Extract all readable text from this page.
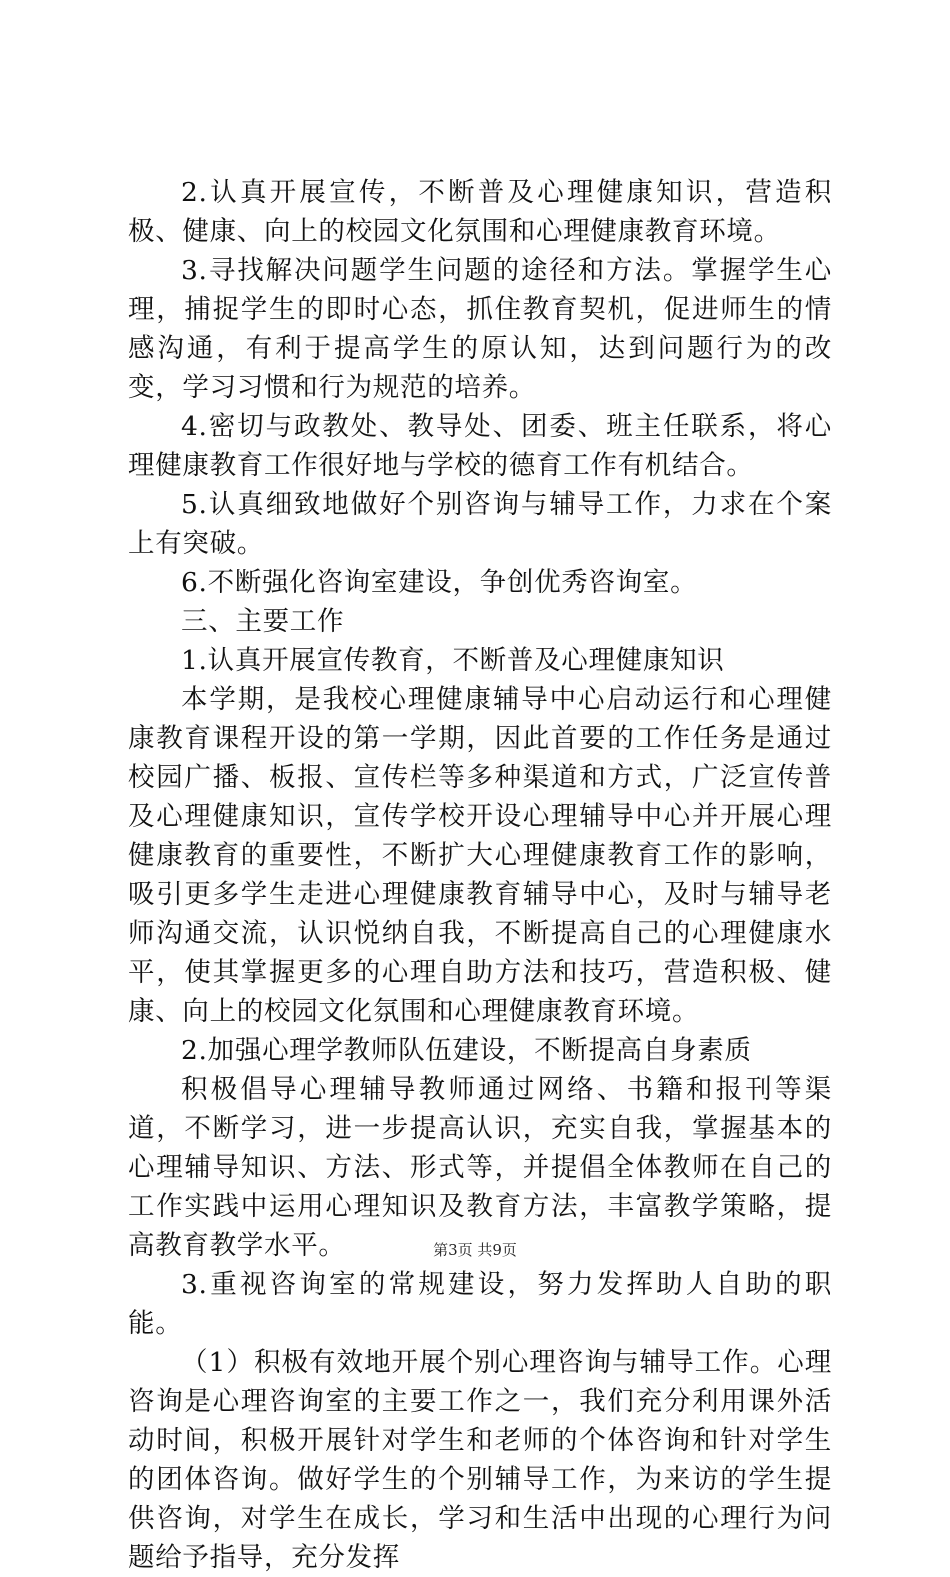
2.认真开展宣传，不断普及心理健康知识，营造积极、健康、向上的校园文化氛围和心理健康教育环境。

3.寻找解决问题学生问题的途径和方法。掌握学生心理，捕捉学生的即时心态，抓住教育契机，促进师生的情感沟通，有利于提高学生的原认知，达到问题行为的改变，学习习惯和行为规范的培养。

4.密切与政教处、教导处、团委、班主任联系，将心理健康教育工作很好地与学校的德育工作有机结合。

5.认真细致地做好个别咨询与辅导工作，力求在个案上有突破。

6.不断强化咨询室建设，争创优秀咨询室。

三、主要工作

1.认真开展宣传教育，不断普及心理健康知识

本学期，是我校心理健康辅导中心启动运行和心理健康教育课程开设的第一学期，因此首要的工作任务是通过校园广播、板报、宣传栏等多种渠道和方式，广泛宣传普及心理健康知识，宣传学校开设心理辅导中心并开展心理健康教育的重要性，不断扩大心理健康教育工作的影响，吸引更多学生走进心理健康教育辅导中心，及时与辅导老师沟通交流，认识悦纳自我，不断提高自己的心理健康水平，使其掌握更多的心理自助方法和技巧，营造积极、健康、向上的校园文化氛围和心理健康教育环境。

2.加强心理学教师队伍建设，不断提高自身素质

积极倡导心理辅导教师通过网络、书籍和报刊等渠道，不断学习，进一步提高认识，充实自我，掌握基本的心理辅导知识、方法、形式等，并提倡全体教师在自己的工作实践中运用心理知识及教育方法，丰富教学策略，提高教育教学水平。

3.重视咨询室的常规建设，努力发挥助人自助的职能。

（1）积极有效地开展个别心理咨询与辅导工作。心理咨询是心理咨询室的主要工作之一，我们充分利用课外活动时间，积极开展针对学生和老师的个体咨询和针对学生的团体咨询。做好学生的个别辅导工作，为来访的学生提供咨询，对学生在成长，学习和生活中出现的心理行为问题给予指导，充分发挥

第3页 共9页
